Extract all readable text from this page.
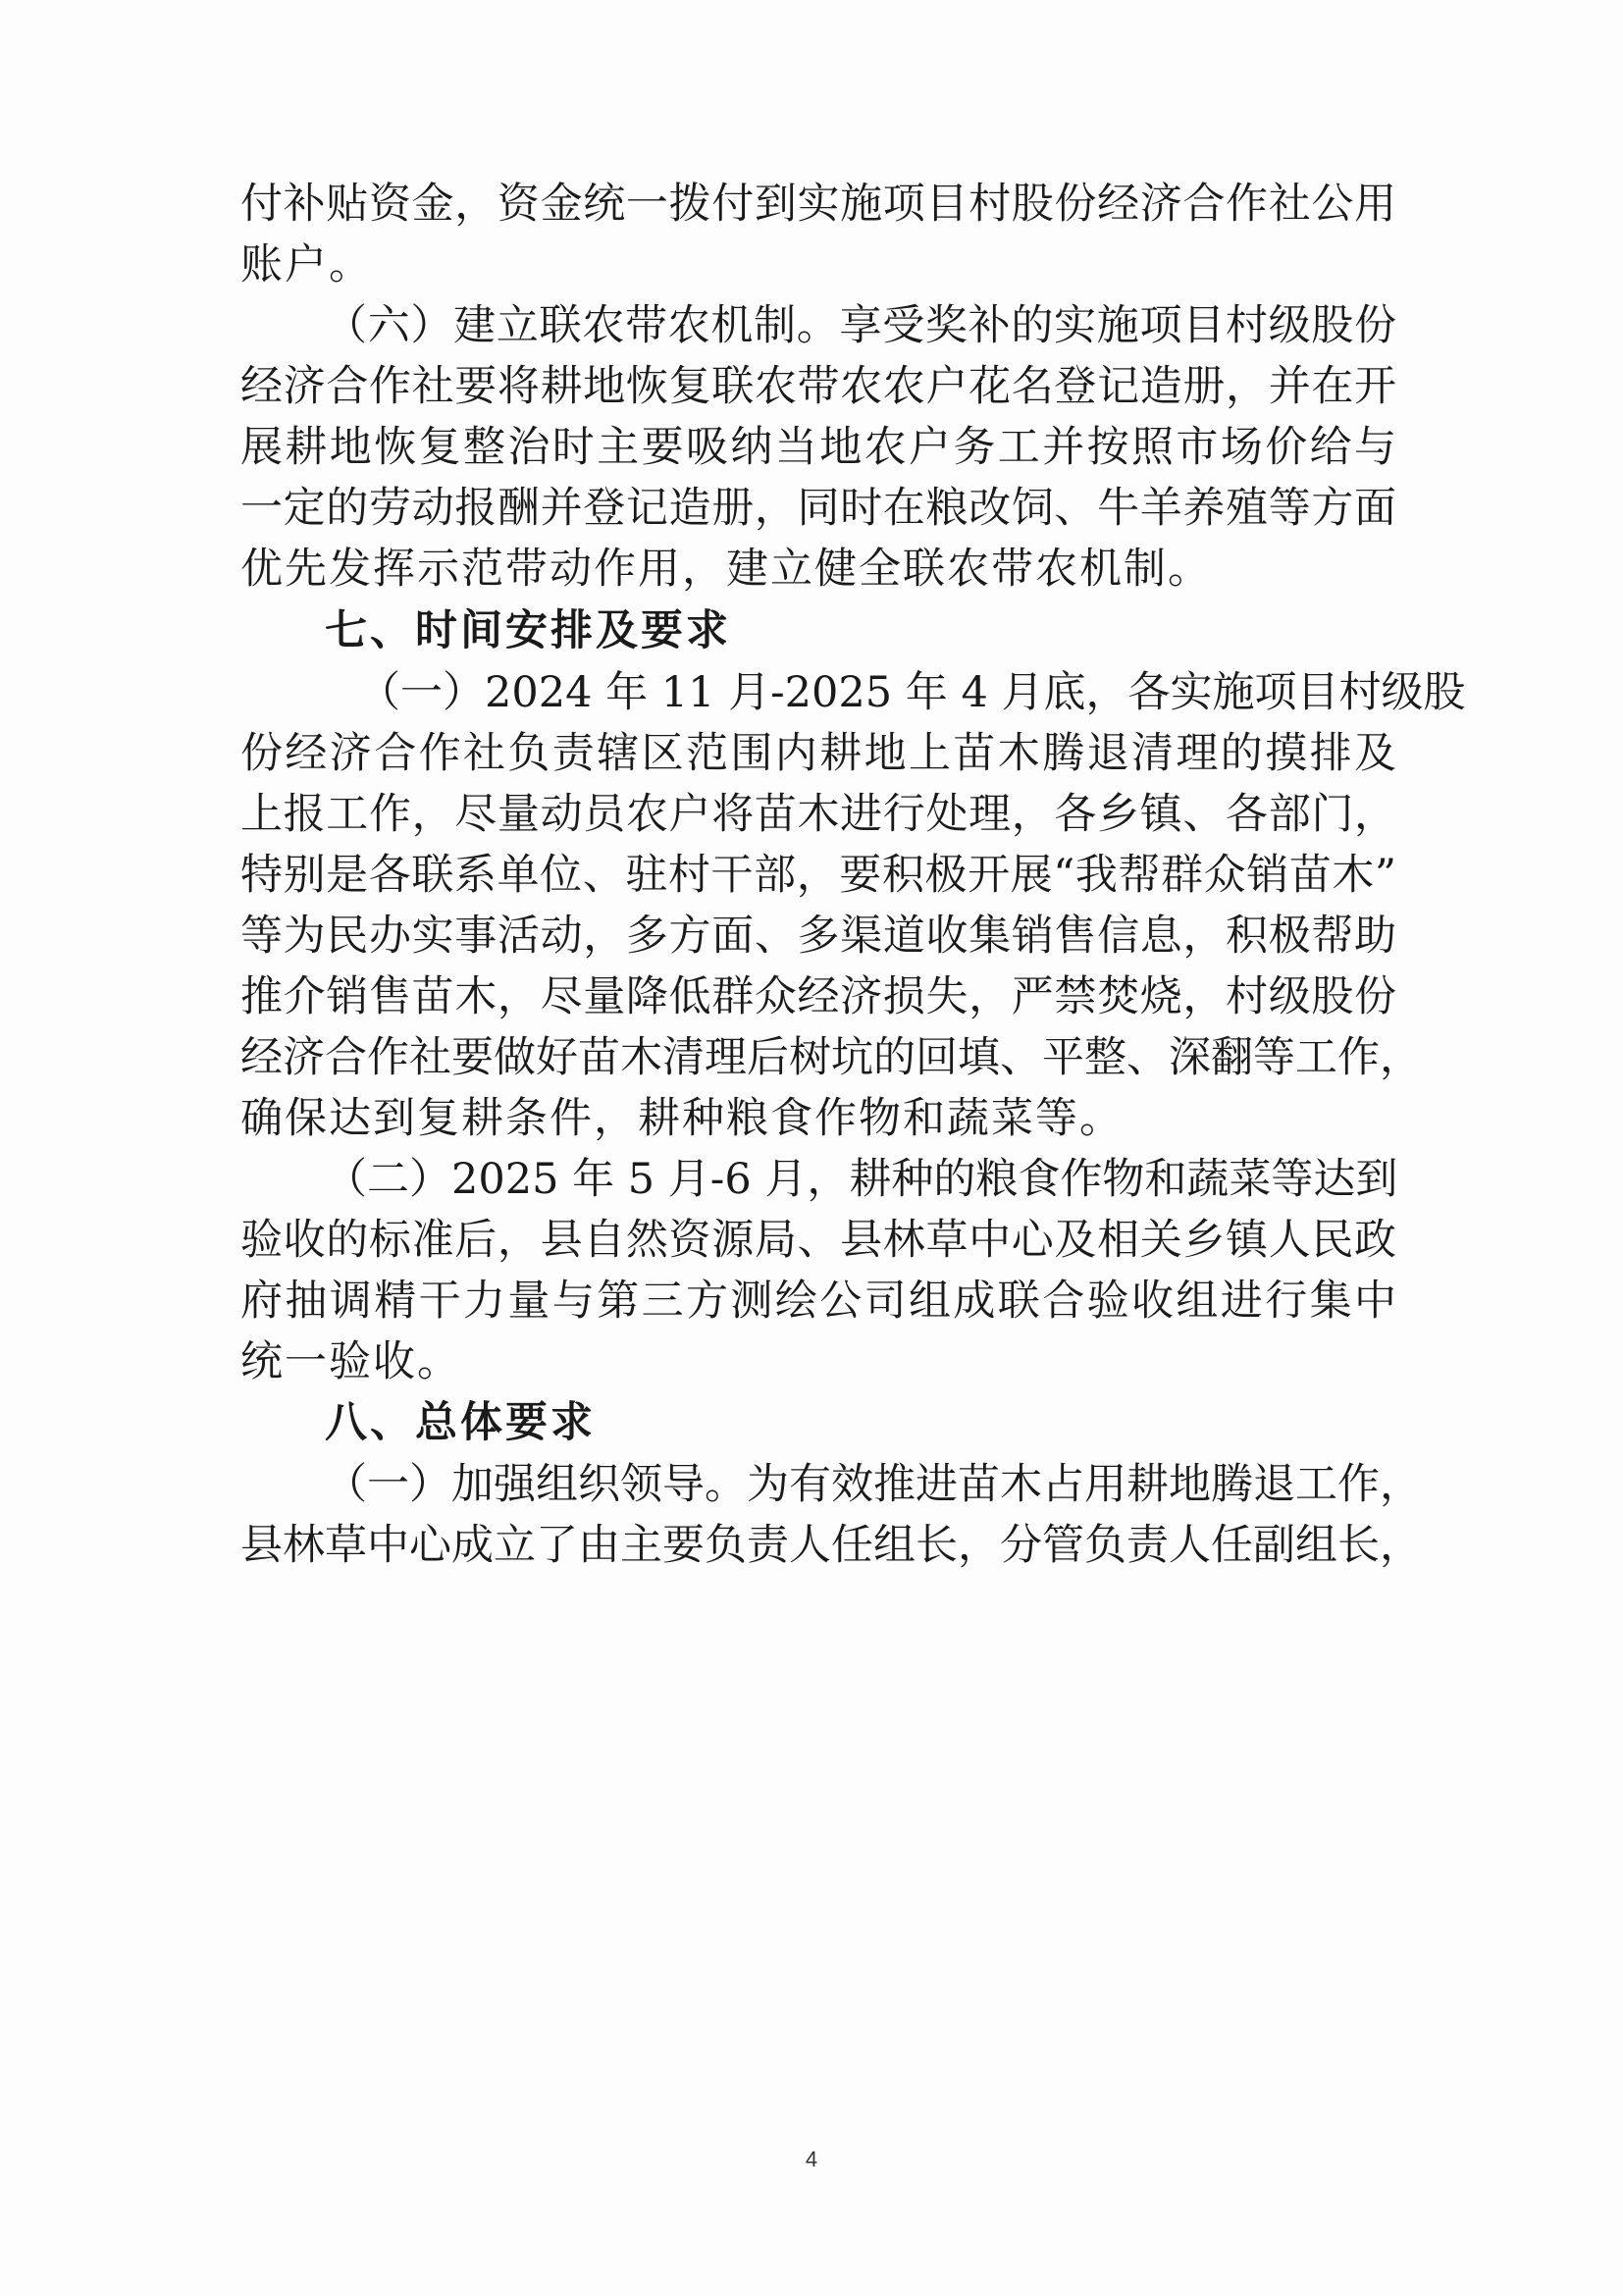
付补贴资金，资金统一拨付到实施项目村股份经济合作社公用
账户。
（六）建立联农带农机制。享受奖补的实施项目村级股份
经济合作社要将耕地恢复联农带农农户花名登记造册，并在开
展耕地恢复整治时主要吸纳当地农户务工并按照市场价给与
一定的劳动报酬并登记造册，同时在粮改饲、牛羊养殖等方面
优先发挥示范带动作用，建立健全联农带农机制。
七、时间安排及要求
（一）2024 年 11 月-2025 年 4 月底，各实施项目村级股
份经济合作社负责辖区范围内耕地上苗木腾退清理的摸排及
上报工作，尽量动员农户将苗木进行处理，各乡镇、各部门，
特别是各联系单位、驻村干部，要积极开展“我帮群众销苗木”
等为民办实事活动，多方面、多渠道收集销售信息，积极帮助
推介销售苗木，尽量降低群众经济损失，严禁焚烧，村级股份
经济合作社要做好苗木清理后树坑的回填、平整、深翻等工作，
确保达到复耕条件，耕种粮食作物和蔬菜等。
（二）2025 年 5 月-6 月，耕种的粮食作物和蔬菜等达到
验收的标准后，县自然资源局、县林草中心及相关乡镇人民政
府抽调精干力量与第三方测绘公司组成联合验收组进行集中
统一验收。
八、总体要求
（一）加强组织领导。为有效推进苗木占用耕地腾退工作，
县林草中心成立了由主要负责人任组长，分管负责人任副组长，
4
